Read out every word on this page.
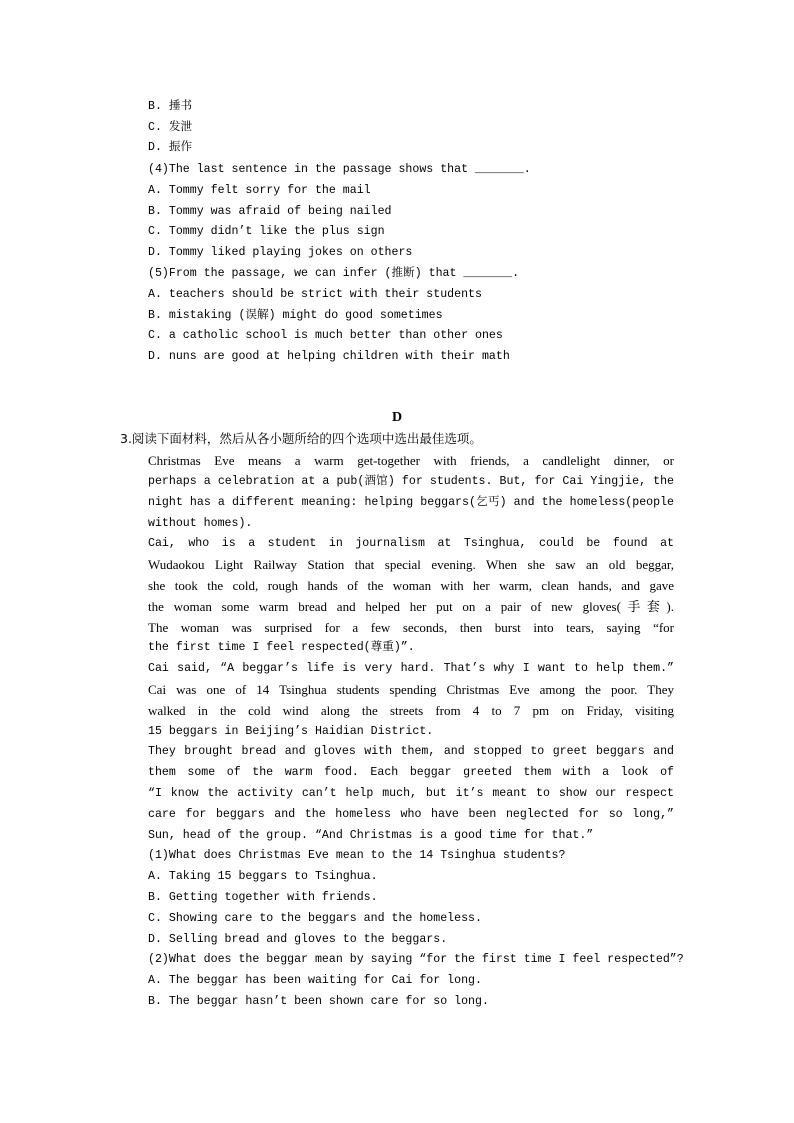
B. 捶书
C. 发泄
D. 振作
(4)The last sentence in the passage shows that _______.
A. Tommy felt sorry for the mail
B. Tommy was afraid of being nailed
C. Tommy didn’t like the plus sign
D. Tommy liked playing jokes on others
(5)From the passage, we can infer (推断) that _______.
A. teachers should be strict with their students
B. mistaking (误解) might do good sometimes
C. a catholic school is much better than other ones
D. nuns are good at helping children with their math
D
3.阅读下面材料，然后从各小题所给的四个选项中选出最佳选项。
Christmas Eve means a warm get-together with friends, a candlelight dinner, or
perhaps a celebration at a pub(酒馆) for students. But, for Cai Yingjie, the
night has a different meaning: helping beggars(乞丐) and the homeless(people
without homes).
Cai, who is a student in journalism at Tsinghua, could be found at
Wudaokou Light Railway Station that special evening. When she saw an old beggar,
she took the cold, rough hands of the woman with her warm, clean hands, and gave
the woman some warm bread and helped her put on a pair of new gloves(手套).
The woman was surprised for a few seconds, then burst into tears, saying “for
the first time I feel respected(尊重)”.
Cai said, “A beggar’s life is very hard. That’s why I want to help them.”
Cai was one of 14 Tsinghua students spending Christmas Eve among the poor. They
walked in the cold wind along the streets from 4 to 7 pm on Friday, visiting
15 beggars in Beijing’s Haidian District.
They brought bread and gloves with them, and stopped to greet beggars and
them some of the warm food. Each beggar greeted them with a look of
“I know the activity can’t help much, but it’s meant to show our respect
care for beggars and the homeless who have been neglected for so long,”
Sun, head of the group. “And Christmas is a good time for that.”
(1)What does Christmas Eve mean to the 14 Tsinghua students?
A. Taking 15 beggars to Tsinghua.
B. Getting together with friends.
C. Showing care to the beggars and the homeless.
D. Selling bread and gloves to the beggars.
(2)What does the beggar mean by saying “for the first time I feel respected”?
A. The beggar has been waiting for Cai for long.
B. The beggar hasn’t been shown care for so long.
